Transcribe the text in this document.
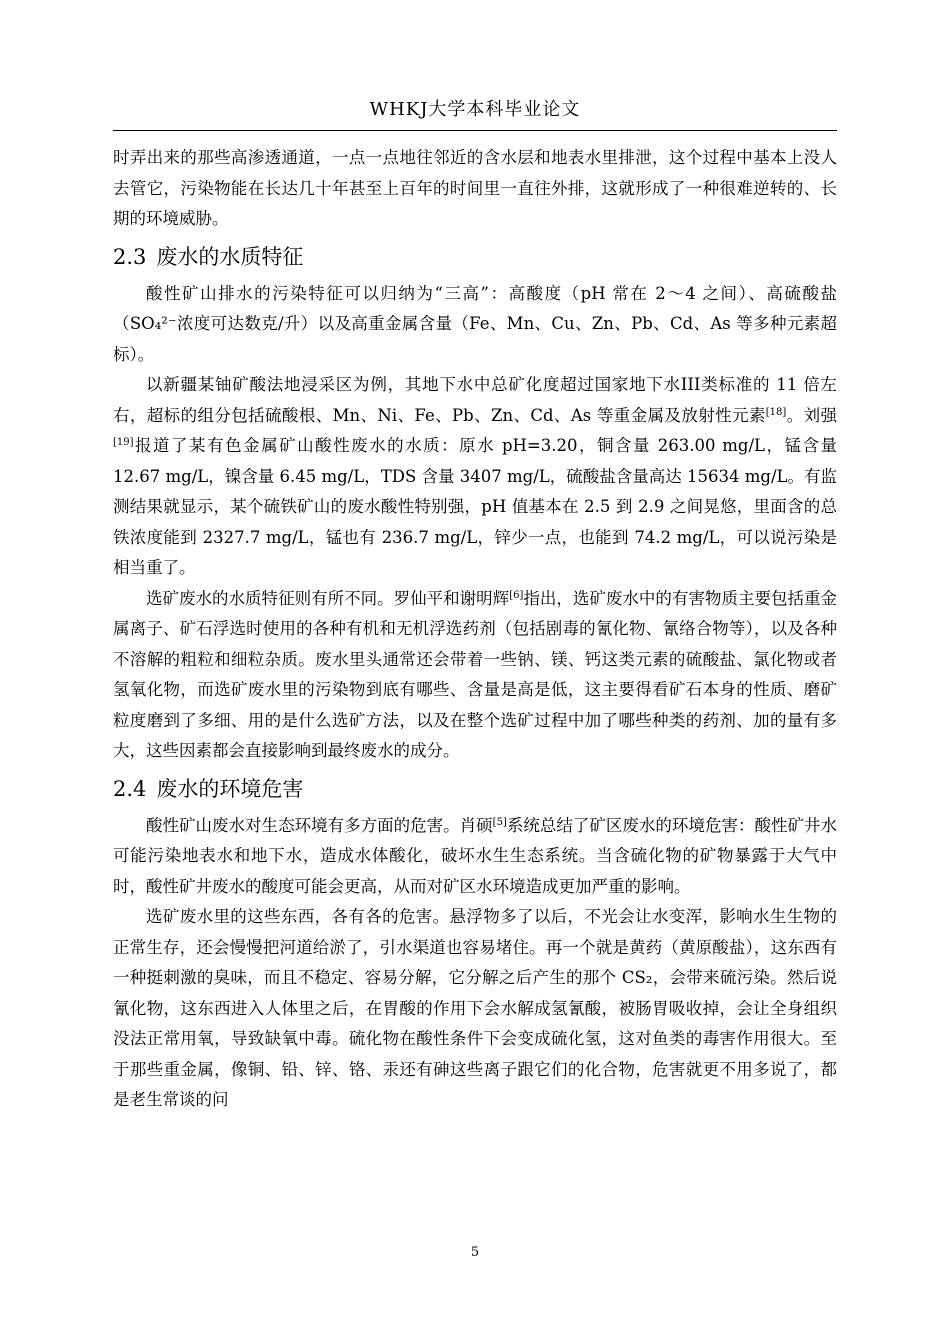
WHKJ大学本科毕业论文

时弄出来的那些高渗透通道，一点一点地往邻近的含水层和地表水里排泄，这个过程中基本上没人去管它，污染物能在长达几十年甚至上百年的时间里一直往外排，这就形成了一种很难逆转的、长期的环境威胁。

2.3 废水的水质特征

酸性矿山排水的污染特征可以归纳为“三高”：高酸度（pH 常在 2～4 之间）、高硫酸盐（SO₄²⁻浓度可达数克/升）以及高重金属含量（Fe、Mn、Cu、Zn、Pb、Cd、As 等多种元素超标）。

以新疆某铀矿酸法地浸采区为例，其地下水中总矿化度超过国家地下水III类标准的 11 倍左右，超标的组分包括硫酸根、Mn、Ni、Fe、Pb、Zn、Cd、As 等重金属及放射性元素[18]。刘强[19]报道了某有色金属矿山酸性废水的水质：原水 pH=3.20，铜含量 263.00 mg/L，锰含量 12.67 mg/L，镍含量 6.45 mg/L，TDS 含量 3407 mg/L，硫酸盐含量高达 15634 mg/L。有监测结果就显示，某个硫铁矿山的废水酸性特别强，pH 值基本在 2.5 到 2.9 之间晃悠，里面含的总铁浓度能到 2327.7 mg/L，锰也有 236.7 mg/L，锌少一点，也能到 74.2 mg/L，可以说污染是相当重了。

选矿废水的水质特征则有所不同。罗仙平和谢明辉[6]指出，选矿废水中的有害物质主要包括重金属离子、矿石浮选时使用的各种有机和无机浮选药剂（包括剧毒的氰化物、氰络合物等），以及各种不溶解的粗粒和细粒杂质。废水里头通常还会带着一些钠、镁、钙这类元素的硫酸盐、氯化物或者氢氧化物，而选矿废水里的污染物到底有哪些、含量是高是低，这主要得看矿石本身的性质、磨矿粒度磨到了多细、用的是什么选矿方法，以及在整个选矿过程中加了哪些种类的药剂、加的量有多大，这些因素都会直接影响到最终废水的成分。

2.4 废水的环境危害

酸性矿山废水对生态环境有多方面的危害。肖硕[5]系统总结了矿区废水的环境危害：酸性矿井水可能污染地表水和地下水，造成水体酸化，破坏水生生态系统。当含硫化物的矿物暴露于大气中时，酸性矿井废水的酸度可能会更高，从而对矿区水环境造成更加严重的影响。

选矿废水里的这些东西，各有各的危害。悬浮物多了以后，不光会让水变浑，影响水生生物的正常生存，还会慢慢把河道给淤了，引水渠道也容易堵住。再一个就是黄药（黄原酸盐），这东西有一种挺刺激的臭味，而且不稳定、容易分解，它分解之后产生的那个 CS₂，会带来硫污染。然后说氰化物，这东西进入人体里之后，在胃酸的作用下会水解成氢氰酸，被肠胃吸收掉，会让全身组织没法正常用氧，导致缺氧中毒。硫化物在酸性条件下会变成硫化氢，这对鱼类的毒害作用很大。至于那些重金属，像铜、铅、锌、铬、汞还有砷这些离子跟它们的化合物，危害就更不用多说了，都是老生常谈的问

5
